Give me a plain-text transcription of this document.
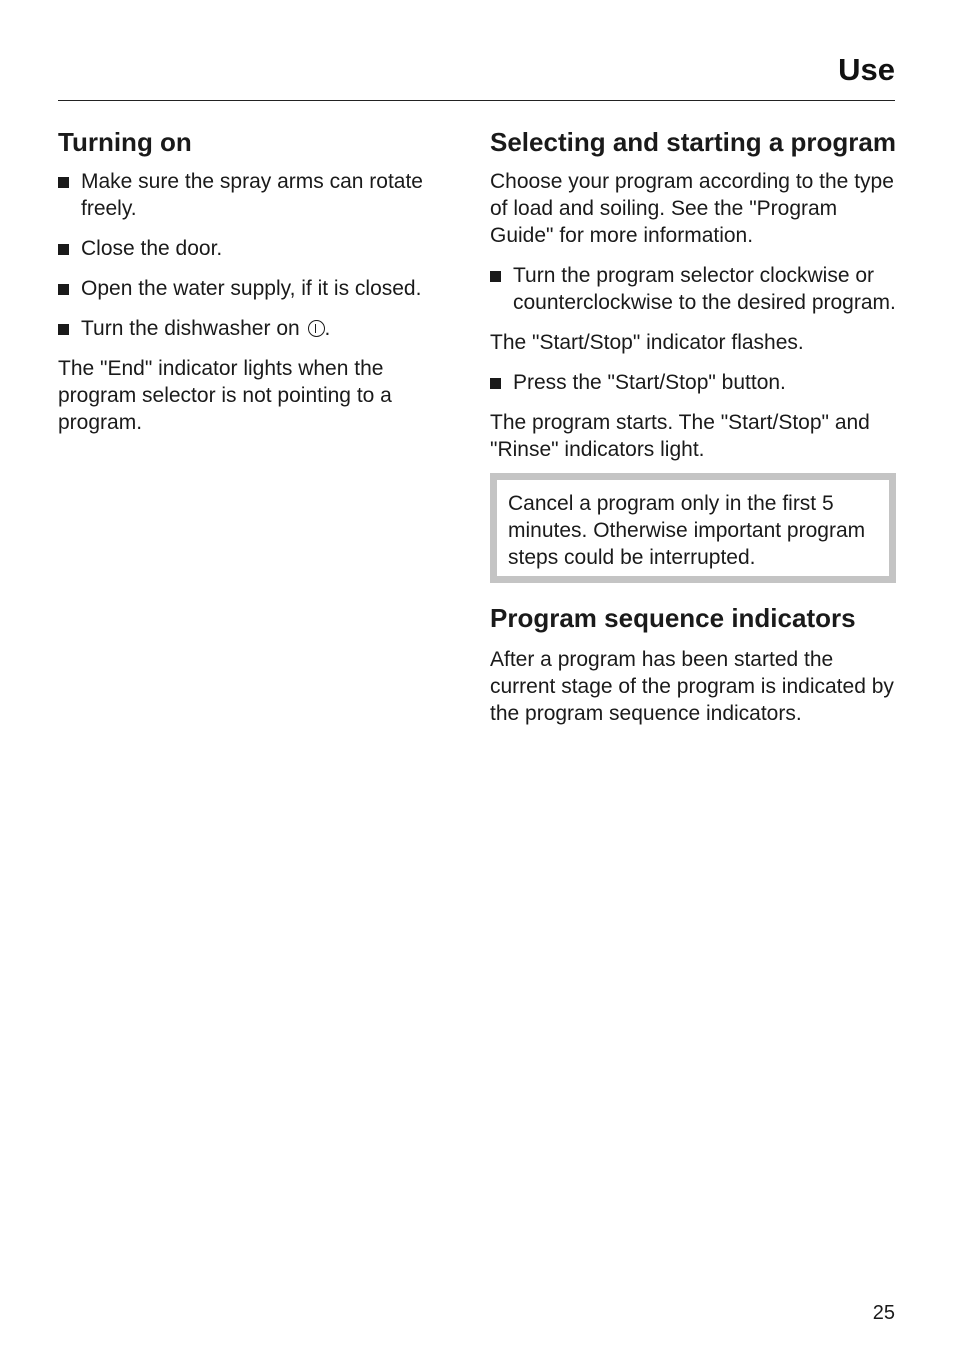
Use
Turning on
Make sure the spray arms can rotate freely.
Close the door.
Open the water supply, if it is closed.
Turn the dishwasher on .

The "End" indicator lights when the program selector is not pointing to a program.

Selecting and starting a program

Choose your program according to the type of load and soiling. See the "Program Guide" for more information.

Turn the program selector clockwise or counterclockwise to the desired program.

The "Start/Stop" indicator flashes.

Press the "Start/Stop" button.

The program starts. The "Start/Stop" and "Rinse" indicators light.

Cancel a program only in the first 5 minutes. Otherwise important program steps could be interrupted.

Program sequence indicators

After a program has been started the current stage of the program is indicated by the program sequence indicators.

25
